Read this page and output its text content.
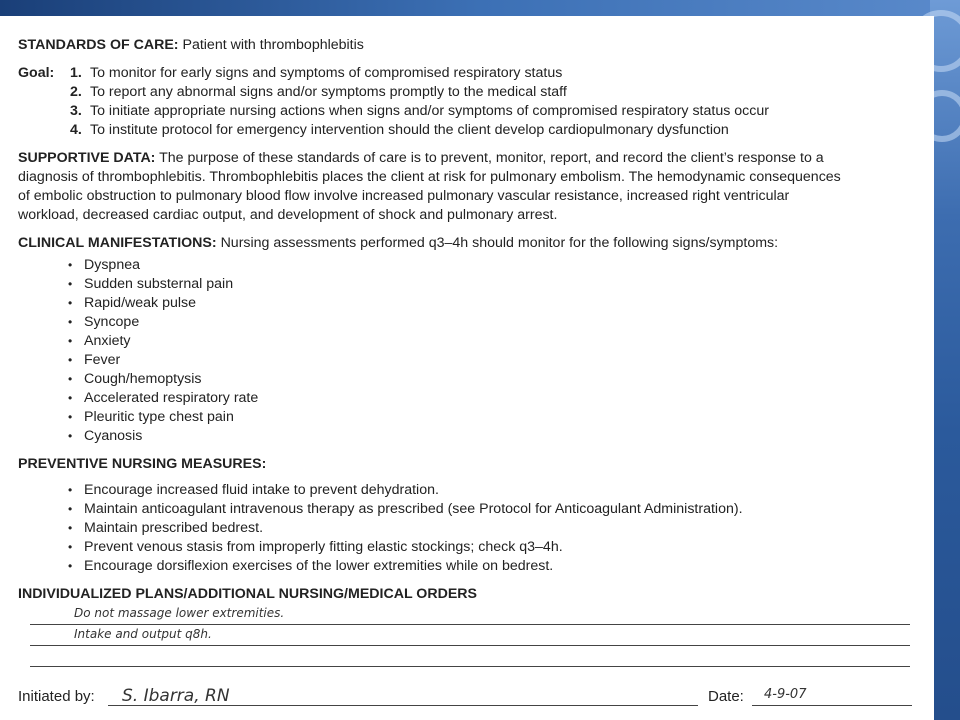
STANDARDS OF CARE: Patient with thrombophlebitis
Goal:	1. To monitor for early signs and symptoms of compromised respiratory status
2. To report any abnormal signs and/or symptoms promptly to the medical staff
3. To initiate appropriate nursing actions when signs and/or symptoms of compromised respiratory status occur
4. To institute protocol for emergency intervention should the client develop cardiopulmonary dysfunction
SUPPORTIVE DATA: The purpose of these standards of care is to prevent, monitor, report, and record the client’s response to a
diagnosis of thrombophlebitis. Thrombophlebitis places the client at risk for pulmonary embolism. The hemodynamic consequences
of embolic obstruction to pulmonary blood flow involve increased pulmonary vascular resistance, increased right ventricular
workload, decreased cardiac output, and development of shock and pulmonary arrest.
CLINICAL MANIFESTATIONS: Nursing assessments performed q3–4h should monitor for the following signs/symptoms:
• Dyspnea
• Sudden substernal pain
• Rapid/weak pulse
• Syncope
• Anxiety
• Fever
• Cough/hemoptysis
• Accelerated respiratory rate
• Pleuritic type chest pain
• Cyanosis
PREVENTIVE NURSING MEASURES:
• Encourage increased fluid intake to prevent dehydration.
• Maintain anticoagulant intravenous therapy as prescribed (see Protocol for Anticoagulant Administration).
• Maintain prescribed bedrest.
• Prevent venous stasis from improperly fitting elastic stockings; check q3–4h.
• Encourage dorsiflexion exercises of the lower extremities while on bedrest.
INDIVIDUALIZED PLANS/ADDITIONAL NURSING/MEDICAL ORDERS
Do not massage lower extremities.
Intake and output q8h.
Initiated by: S. Ibarra, RN	Date: 4-9-07
